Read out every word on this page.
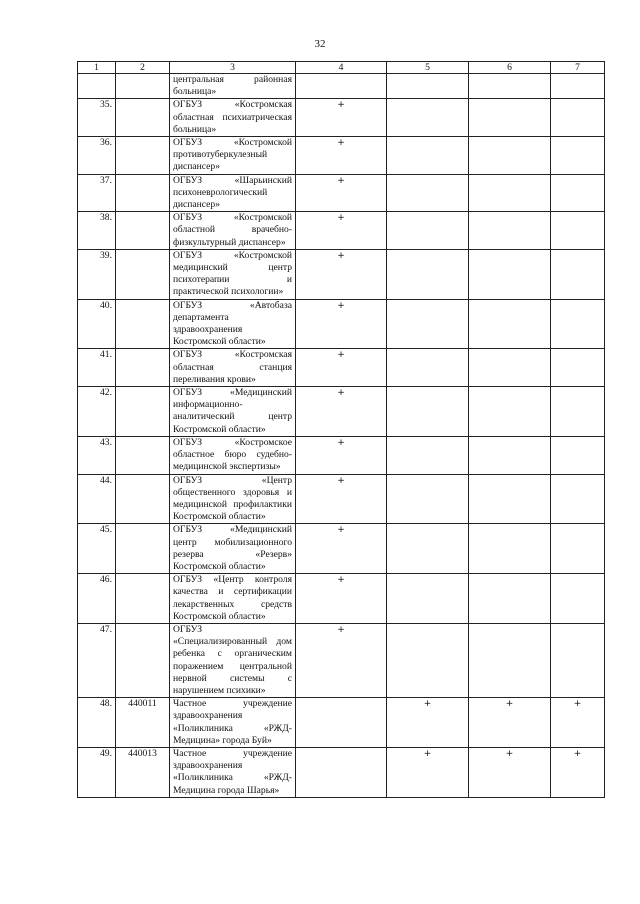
32
1	2	3	4	5	6	7
		центральная районная больница»				
35.		ОГБУЗ «Костромская областная психиатрическая больница»	+			
36.		ОГБУЗ «Костромской противотуберкулезный диспансер»	+			
37.		ОГБУЗ «Шарьинский психоневрологический диспансер»	+			
38.		ОГБУЗ «Костромской областной врачебно-физкультурный диспансер»	+			
39.		ОГБУЗ «Костромской медицинский центр психотерапии и практической психологии»	+			
40.		ОГБУЗ «Автобаза департамента здравоохранения Костромской области»	+			
41.		ОГБУЗ «Костромская областная станция переливания крови»	+			
42.		ОГБУЗ «Медицинский информационно-аналитический центр Костромской области»	+			
43.		ОГБУЗ «Костромское областное бюро судебно-медицинской экспертизы»	+			
44.		ОГБУЗ «Центр общественного здоровья и медицинской профилактики Костромской области»	+			
45.		ОГБУЗ «Медицинский центр мобилизационного резерва «Резерв» Костромской области»	+			
46.		ОГБУЗ «Центр контроля качества и сертификации лекарственных средств Костромской области»	+			
47.		ОГБУЗ «Специализированный дом ребенка с органическим поражением центральной нервной системы с нарушением психики»	+			
48.	440011	Частное учреждение здравоохранения «Поликлиника «РЖД-Медицина» города Буй»		+	+	+
49.	440013	Частное учреждение здравоохранения «Поликлиника «РЖД-Медицина города Шарья»		+	+	+
